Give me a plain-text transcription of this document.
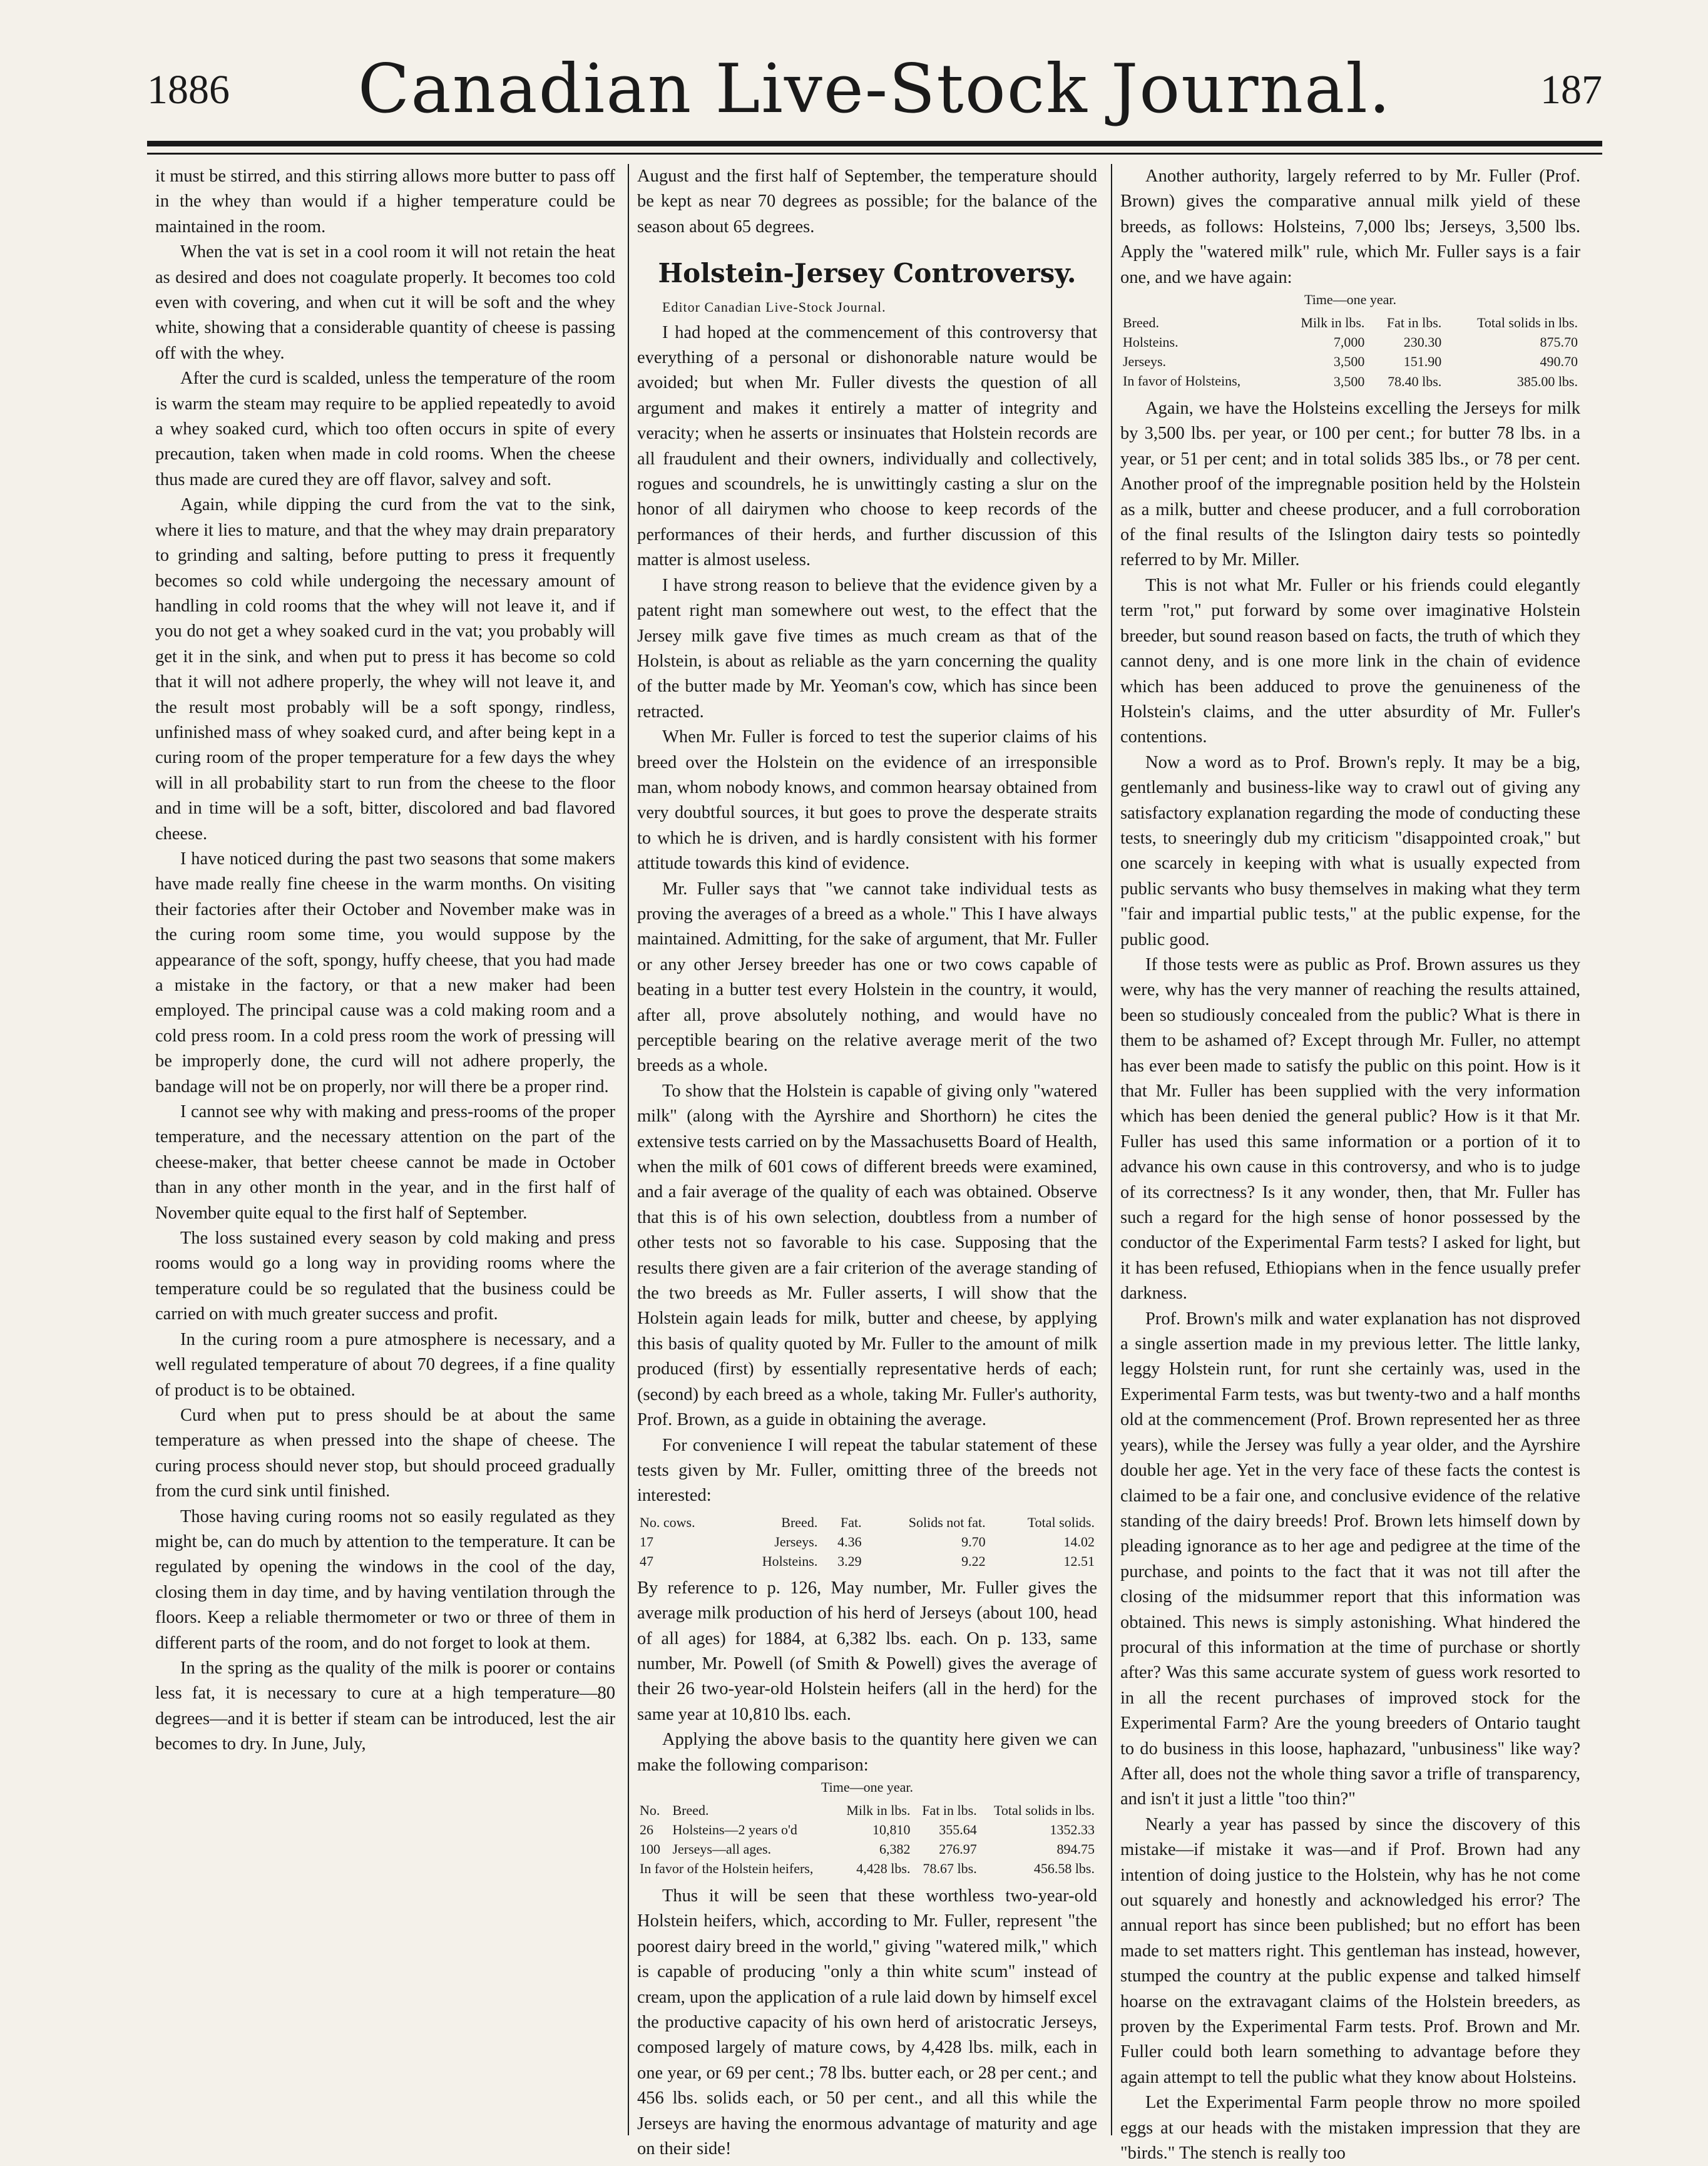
1886	Canadian Live-Stock Journal.	187

it must be stirred, and this stirring allows more butter to pass off in the whey than would if a higher temperature could be maintained in the room.

When the vat is set in a cool room it will not retain the heat as desired and does not coagulate properly. It becomes too cold even with covering, and when cut it will be soft and the whey white, showing that a considerable quantity of cheese is passing off with the whey.

After the curd is scalded, unless the temperature of the room is warm the steam may require to be applied repeatedly to avoid a whey soaked curd, which too often occurs in spite of every precaution, taken when made in cold rooms. When the cheese thus made are cured they are off flavor, salvey and soft.

Again, while dipping the curd from the vat to the sink, where it lies to mature, and that the whey may drain preparatory to grinding and salting, before putting to press it frequently becomes so cold while undergoing the necessary amount of handling in cold rooms that the whey will not leave it, and if you do not get a whey soaked curd in the vat; you probably will get it in the sink, and when put to press it has become so cold that it will not adhere properly, the whey will not leave it, and the result most probably will be a soft spongy, rindless, unfinished mass of whey soaked curd, and after being kept in a curing room of the proper temperature for a few days the whey will in all probability start to run from the cheese to the floor and in time will be a soft, bitter, discolored and bad flavored cheese.

I have noticed during the past two seasons that some makers have made really fine cheese in the warm months. On visiting their factories after their October and November make was in the curing room some time, you would suppose by the appearance of the soft, spongy, huffy cheese, that you had made a mistake in the factory, or that a new maker had been employed. The principal cause was a cold making room and a cold press room. In a cold press room the work of pressing will be improperly done, the curd will not adhere properly, the bandage will not be on properly, nor will there be a proper rind.

I cannot see why with making and press-rooms of the proper temperature, and the necessary attention on the part of the cheese-maker, that better cheese cannot be made in October than in any other month in the year, and in the first half of November quite equal to the first half of September.

The loss sustained every season by cold making and press rooms would go a long way in providing rooms where the temperature could be so regulated that the business could be carried on with much greater success and profit.

In the curing room a pure atmosphere is necessary, and a well regulated temperature of about 70 degrees, if a fine quality of product is to be obtained.

Curd when put to press should be at about the same temperature as when pressed into the shape of cheese. The curing process should never stop, but should proceed gradually from the curd sink until finished.

Those having curing rooms not so easily regulated as they might be, can do much by attention to the temperature. It can be regulated by opening the windows in the cool of the day, closing them in day time, and by having ventilation through the floors. Keep a reliable thermometer or two or three of them in different parts of the room, and do not forget to look at them.

In the spring as the quality of the milk is poorer or contains less fat, it is necessary to cure at a high temperature—80 degrees—and it is better if steam can be introduced, lest the air becomes to dry. In June, July,

August and the first half of September, the temperature should be kept as near 70 degrees as possible; for the balance of the season about 65 degrees.

Holstein-Jersey Controversy.

Editor Canadian Live-Stock Journal.

I had hoped at the commencement of this controversy that everything of a personal or dishonorable nature would be avoided; but when Mr. Fuller divests the question of all argument and makes it entirely a matter of integrity and veracity; when he asserts or insinuates that Holstein records are all fraudulent and their owners, individually and collectively, rogues and scoundrels, he is unwittingly casting a slur on the honor of all dairymen who choose to keep records of the performances of their herds, and further discussion of this matter is almost useless.

I have strong reason to believe that the evidence given by a patent right man somewhere out west, to the effect that the Jersey milk gave five times as much cream as that of the Holstein, is about as reliable as the yarn concerning the quality of the butter made by Mr. Yeoman's cow, which has since been retracted.

When Mr. Fuller is forced to test the superior claims of his breed over the Holstein on the evidence of an irresponsible man, whom nobody knows, and common hearsay obtained from very doubtful sources, it but goes to prove the desperate straits to which he is driven, and is hardly consistent with his former attitude towards this kind of evidence.

Mr. Fuller says that "we cannot take individual tests as proving the averages of a breed as a whole." This I have always maintained. Admitting, for the sake of argument, that Mr. Fuller or any other Jersey breeder has one or two cows capable of beating in a butter test every Holstein in the country, it would, after all, prove absolutely nothing, and would have no perceptible bearing on the relative average merit of the two breeds as a whole.

To show that the Holstein is capable of giving only "watered milk" (along with the Ayrshire and Shorthorn) he cites the extensive tests carried on by the Massachusetts Board of Health, when the milk of 601 cows of different breeds were examined, and a fair average of the quality of each was obtained. Observe that this is of his own selection, doubtless from a number of other tests not so favorable to his case. Supposing that the results there given are a fair criterion of the average standing of the two breeds as Mr. Fuller asserts, I will show that the Holstein again leads for milk, butter and cheese, by applying this basis of quality quoted by Mr. Fuller to the amount of milk produced (first) by essentially representative herds of each; (second) by each breed as a whole, taking Mr. Fuller's authority, Prof. Brown, as a guide in obtaining the average.

For convenience I will repeat the tabular statement of these tests given by Mr. Fuller, omitting three of the breeds not interested:

No. cows.	Breed.	Fat.	Solids not fat.	Total solids.
17	Jerseys.	4.36	9.70	14.02
47	Holsteins.	3.29	9.22	12.51

By reference to p. 126, May number, Mr. Fuller gives the average milk production of his herd of Jerseys (about 100, head of all ages) for 1884, at 6,382 lbs. each. On p. 133, same number, Mr. Powell (of Smith & Powell) gives the average of their 26 two-year-old Holstein heifers (all in the herd) for the same year at 10,810 lbs. each.

Applying the above basis to the quantity here given we can make the following comparison:

Time—one year.
No.	Breed.	Milk in lbs.	Fat in lbs.	Total solids in lbs.
26	Holsteins—2 years o'd	10,810	355.64	1352.33
100	Jerseys—all ages.	6,382	276.97	894.75
In favor of the Holstein heifers,		4,428 lbs.	78.67 lbs.	456.58 lbs.

Thus it will be seen that these worthless two-year-old Holstein heifers, which, according to Mr. Fuller, represent "the poorest dairy breed in the world," giving "watered milk," which is capable of producing "only a thin white scum" instead of cream, upon the application of a rule laid down by himself excel the productive capacity of his own herd of aristocratic Jerseys, composed largely of mature cows, by 4,428 lbs. milk, each in one year, or 69 per cent.; 78 lbs. butter each, or 28 per cent.; and 456 lbs. solids each, or 50 per cent., and all this while the Jerseys are having the enormous advantage of maturity and age on their side!

Another authority, largely referred to by Mr. Fuller (Prof. Brown) gives the comparative annual milk yield of these breeds, as follows: Holsteins, 7,000 lbs; Jerseys, 3,500 lbs. Apply the "watered milk" rule, which Mr. Fuller says is a fair one, and we have again:

Time—one year.
Breed.	Milk in lbs.	Fat in lbs.	Total solids in lbs.
Holsteins.	7,000	230.30	875.70
Jerseys.	3,500	151.90	490.70
In favor of Holsteins,	3,500	78.40 lbs.	385.00 lbs.

Again, we have the Holsteins excelling the Jerseys for milk by 3,500 lbs. per year, or 100 per cent.; for butter 78 lbs. in a year, or 51 per cent; and in total solids 385 lbs., or 78 per cent. Another proof of the impregnable position held by the Holstein as a milk, butter and cheese producer, and a full corroboration of the final results of the Islington dairy tests so pointedly referred to by Mr. Miller.

This is not what Mr. Fuller or his friends could elegantly term "rot," put forward by some over imaginative Holstein breeder, but sound reason based on facts, the truth of which they cannot deny, and is one more link in the chain of evidence which has been adduced to prove the genuineness of the Holstein's claims, and the utter absurdity of Mr. Fuller's contentions.

Now a word as to Prof. Brown's reply. It may be a big, gentlemanly and business-like way to crawl out of giving any satisfactory explanation regarding the mode of conducting these tests, to sneeringly dub my criticism "disappointed croak," but one scarcely in keeping with what is usually expected from public servants who busy themselves in making what they term "fair and impartial public tests," at the public expense, for the public good.

If those tests were as public as Prof. Brown assures us they were, why has the very manner of reaching the results attained, been so studiously concealed from the public? What is there in them to be ashamed of? Except through Mr. Fuller, no attempt has ever been made to satisfy the public on this point. How is it that Mr. Fuller has been supplied with the very information which has been denied the general public? How is it that Mr. Fuller has used this same information or a portion of it to advance his own cause in this controversy, and who is to judge of its correctness? Is it any wonder, then, that Mr. Fuller has such a regard for the high sense of honor possessed by the conductor of the Experimental Farm tests? I asked for light, but it has been refused, Ethiopians when in the fence usually prefer darkness.

Prof. Brown's milk and water explanation has not disproved a single assertion made in my previous letter. The little lanky, leggy Holstein runt, for runt she certainly was, used in the Experimental Farm tests, was but twenty-two and a half months old at the commencement (Prof. Brown represented her as three years), while the Jersey was fully a year older, and the Ayrshire double her age. Yet in the very face of these facts the contest is claimed to be a fair one, and conclusive evidence of the relative standing of the dairy breeds! Prof. Brown lets himself down by pleading ignorance as to her age and pedigree at the time of the purchase, and points to the fact that it was not till after the closing of the midsummer report that this information was obtained. This news is simply astonishing. What hindered the procural of this information at the time of purchase or shortly after? Was this same accurate system of guess work resorted to in all the recent purchases of improved stock for the Experimental Farm? Are the young breeders of Ontario taught to do business in this loose, haphazard, "unbusiness" like way? After all, does not the whole thing savor a trifle of transparency, and isn't it just a little "too thin?"

Nearly a year has passed by since the discovery of this mistake—if mistake it was—and if Prof. Brown had any intention of doing justice to the Holstein, why has he not come out squarely and honestly and acknowledged his error? The annual report has since been published; but no effort has been made to set matters right. This gentleman has instead, however, stumped the country at the public expense and talked himself hoarse on the extravagant claims of the Holstein breeders, as proven by the Experimental Farm tests. Prof. Brown and Mr. Fuller could both learn something to advantage before they again attempt to tell the public what they know about Holsteins.

Let the Experimental Farm people throw no more spoiled eggs at our heads with the mistaken impression that they are "birds." The stench is really too
